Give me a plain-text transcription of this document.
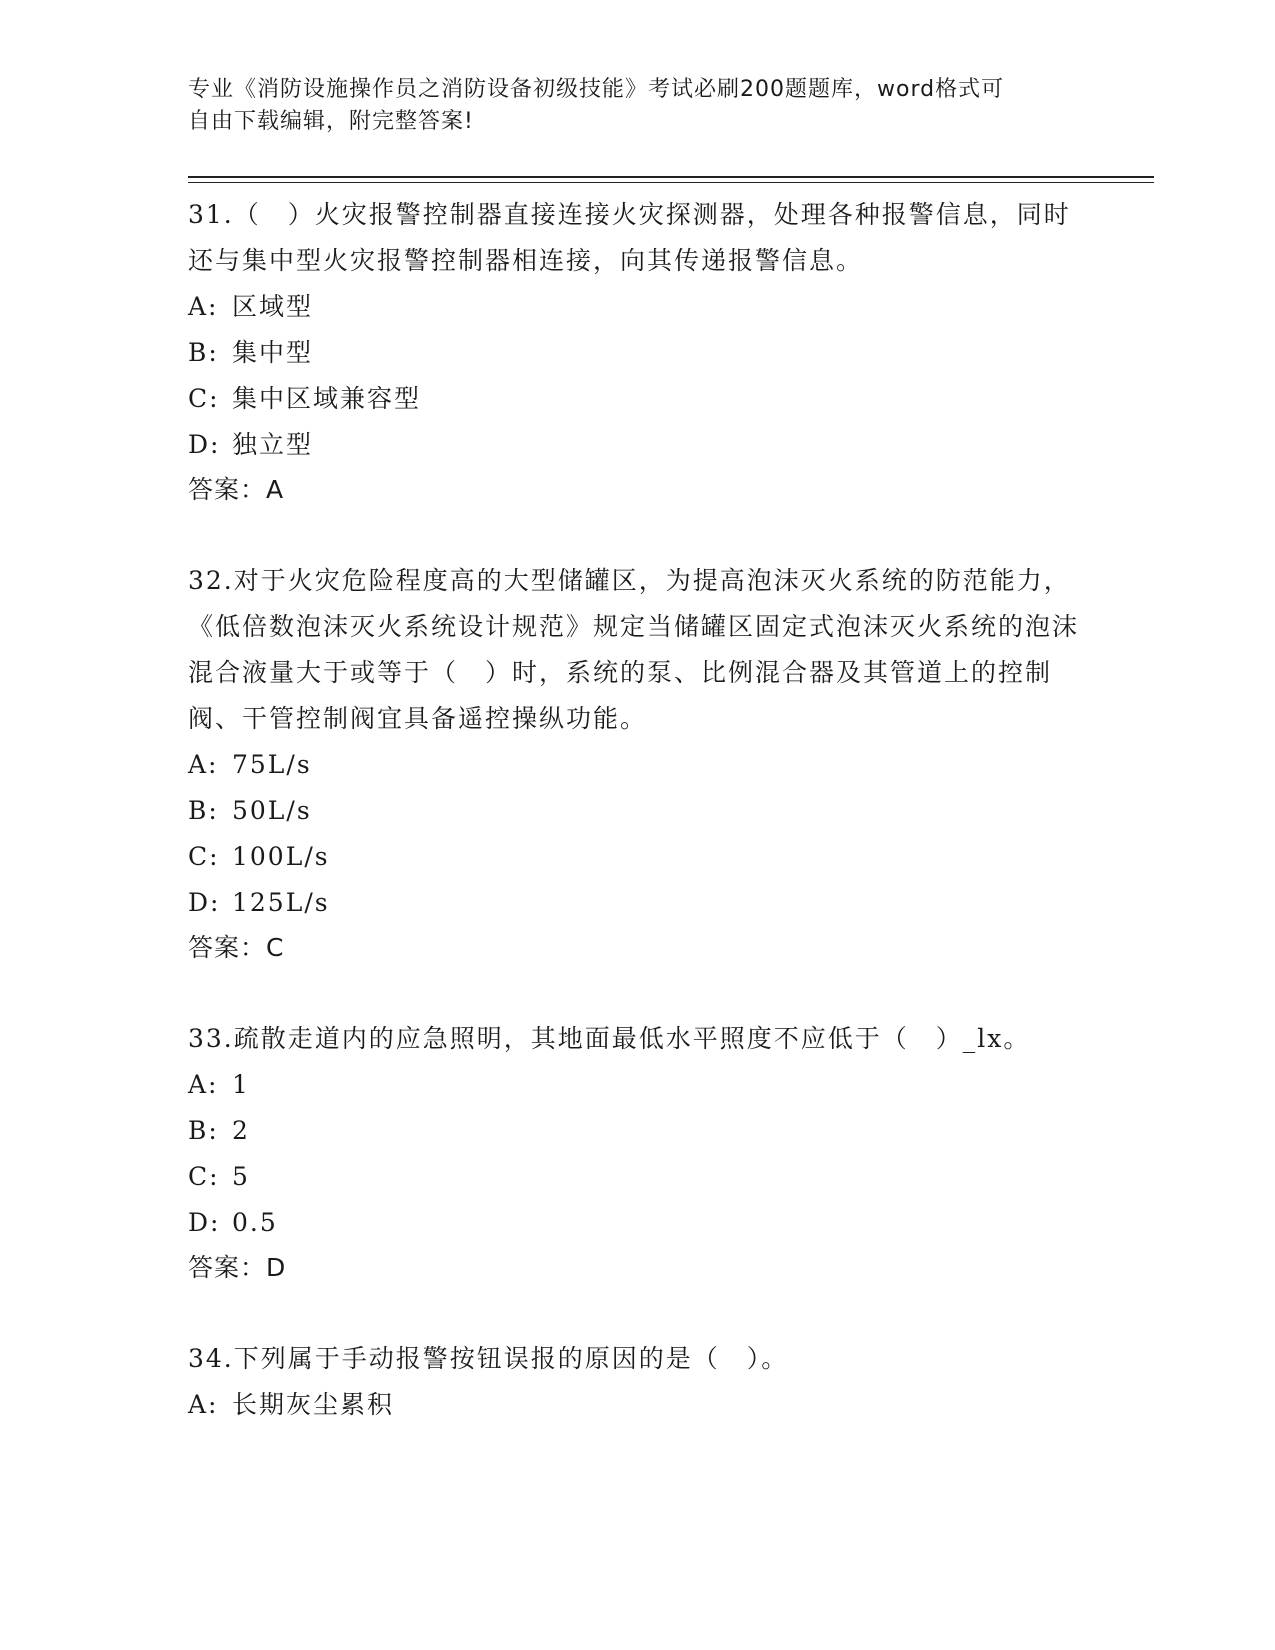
专业《消防设施操作员之消防设备初级技能》考试必刷200题题库，word格式可
自由下载编辑，附完整答案!

31.（　）火灾报警控制器直接连接火灾探测器，处理各种报警信息，同时还与集中型火灾报警控制器相连接，向其传递报警信息。

A: 区域型

B: 集中型

C: 集中区域兼容型

D: 独立型

答案：A

32.对于火灾危险程度高的大型储罐区，为提高泡沫灭火系统的防范能力，《低倍数泡沫灭火系统设计规范》规定当储罐区固定式泡沫灭火系统的泡沫混合液量大于或等于（　）时，系统的泵、比例混合器及其管道上的控制阀、干管控制阀宜具备遥控操纵功能。

A: 75L/s

B: 50L/s

C: 100L/s

D: 125L/s

答案：C

33.疏散走道内的应急照明，其地面最低水平照度不应低于（　）_lx。

A: 1

B: 2

C: 5

D: 0.5

答案：D

34.下列属于手动报警按钮误报的原因的是（　）。

A: 长期灰尘累积
